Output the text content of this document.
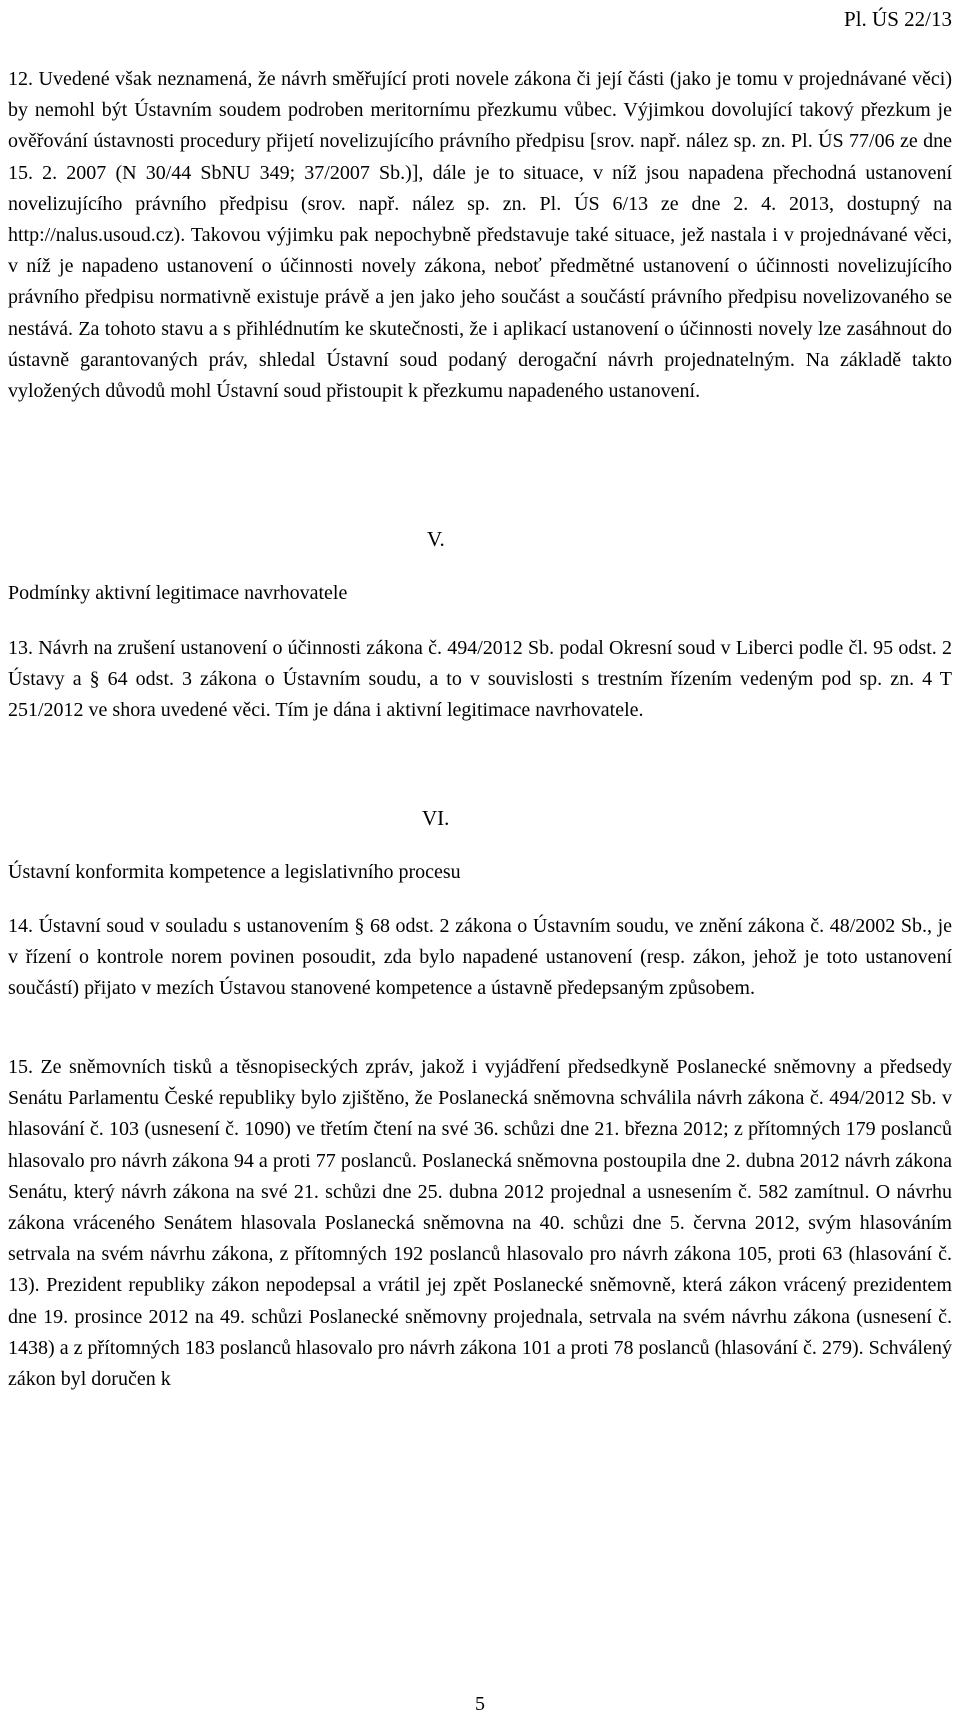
Pl. ÚS 22/13

12. Uvedené však neznamená, že návrh směřující proti novele zákona či její části (jako je tomu v projednávané věci) by nemohl být Ústavním soudem podroben meritornímu přezkumu vůbec. Výjimkou dovolující takový přezkum je ověřování ústavnosti procedury přijetí novelizujícího právního předpisu [srov. např. nález sp. zn. Pl. ÚS 77/06 ze dne 15. 2. 2007 (N 30/44 SbNU 349; 37/2007 Sb.)], dále je to situace, v níž jsou napadena přechodná ustanovení novelizujícího právního předpisu (srov. např. nález sp. zn. Pl. ÚS 6/13 ze dne 2. 4. 2013, dostupný na http://nalus.usoud.cz). Takovou výjimku pak nepochybně představuje také situace, jež nastala i v projednávané věci, v níž je napadeno ustanovení o účinnosti novely zákona, neboť předmětné ustanovení o účinnosti novelizujícího právního předpisu normativně existuje právě a jen jako jeho součást a součástí právního předpisu novelizovaného se nestává. Za tohoto stavu a s přihlédnutím ke skutečnosti, že i aplikací ustanovení o účinnosti novely lze zasáhnout do ústavně garantovaných práv, shledal Ústavní soud podaný derogační návrh projednatelným. Na základě takto vyložených důvodů mohl Ústavní soud přistoupit k přezkumu napadeného ustanovení.

V.
Podmínky aktivní legitimace navrhovatele

13. Návrh na zrušení ustanovení o účinnosti zákona č. 494/2012 Sb. podal Okresní soud v Liberci podle čl. 95 odst. 2 Ústavy a § 64 odst. 3 zákona o Ústavním soudu, a to v souvislosti s trestním řízením vedeným pod sp. zn. 4 T 251/2012 ve shora uvedené věci. Tím je dána i aktivní legitimace navrhovatele.

VI.
Ústavní konformita kompetence a legislativního procesu

14. Ústavní soud v souladu s ustanovením § 68 odst. 2 zákona o Ústavním soudu, ve znění zákona č. 48/2002 Sb., je v řízení o kontrole norem povinen posoudit, zda bylo napadené ustanovení (resp. zákon, jehož je toto ustanovení součástí) přijato v mezích Ústavou stanovené kompetence a ústavně předepsaným způsobem.

15. Ze sněmovních tisků a těsnopiseckých zpráv, jakož i vyjádření předsedkyně Poslanecké sněmovny a předsedy Senátu Parlamentu České republiky bylo zjištěno, že Poslanecká sněmovna schválila návrh zákona č. 494/2012 Sb. v hlasování č. 103 (usnesení č. 1090) ve třetím čtení na své 36. schůzi dne 21. března 2012; z přítomných 179 poslanců hlasovalo pro návrh zákona 94 a proti 77 poslanců. Poslanecká sněmovna postoupila dne 2. dubna 2012 návrh zákona Senátu, který návrh zákona na své 21. schůzi dne 25. dubna 2012 projednal a usnesením č. 582 zamítnul. O návrhu zákona vráceného Senátem hlasovala Poslanecká sněmovna na 40. schůzi dne 5. června 2012, svým hlasováním setrvala na svém návrhu zákona, z přítomných 192 poslanců hlasovalo pro návrh zákona 105, proti 63 (hlasování č. 13). Prezident republiky zákon nepodepsal a vrátil jej zpět Poslanecké sněmovně, která zákon vrácený prezidentem dne 19. prosince 2012 na 49. schůzi Poslanecké sněmovny projednala, setrvala na svém návrhu zákona (usnesení č. 1438) a z přítomných 183 poslanců hlasovalo pro návrh zákona 101 a proti 78 poslanců (hlasování č. 279). Schválený zákon byl doručen k

5
